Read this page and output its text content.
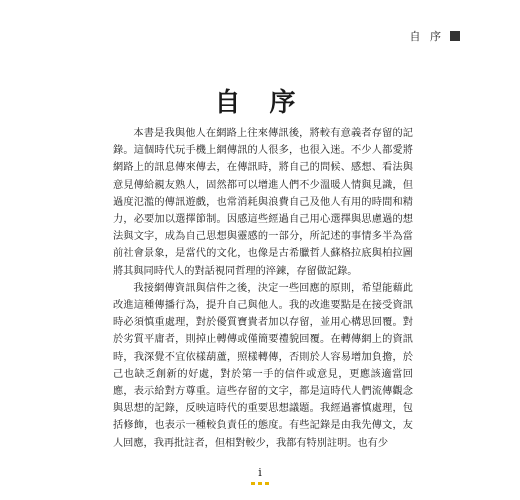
自 序
自 序

本書是我與他人在網路上往來傳訊後，將較有意義者存留的記錄。這個時代玩手機上網傳訊的人很多，也很入迷。不少人都愛將網路上的訊息傳來傳去，在傳訊時，將自己的問候、感想、看法與意見傳給親友熟人，固然都可以增進人們不少溫暖人情與見識，但過度氾濫的傳訊遊戲，也常消耗與浪費自己及他人有用的時間和精力，必要加以選擇節制。因感這些經過自己用心選擇與思慮過的想法與文字，成為自己思想與靈感的一部分，所記述的事情多半為當前社會景象，是當代的文化，也像是古希臘哲人蘇格拉底與柏拉圖將其與同時代人的對話視同哲理的淬鍊，存留做記錄。

我接網傳資訊與信件之後，決定一些回應的原則，希望能藉此改進這種傳播行為，提升自己與他人。我的改進要點是在接受資訊時必須慎重處理，對於優質寶貴者加以存留，並用心構思回覆。對於劣質平庸者，則掉止轉傳或僅簡要禮貌回覆。在轉傳網上的資訊時，我深覺不宜依樣葫蘆，照樣轉傳，否則於人容易增加負擔，於己也缺乏創新的好處，對於第一手的信件或意見，更應該適當回應，表示給對方尊重。這些存留的文字，都是這時代人們流傳觀念與思想的記錄，反映這時代的重要思想議題。我經過審慎處理，包括修飾，也表示一種較負責任的態度。有些記錄是由我先傳文，友人回應，我再批註者，但相對較少，我都有特別註明。也有少

i
